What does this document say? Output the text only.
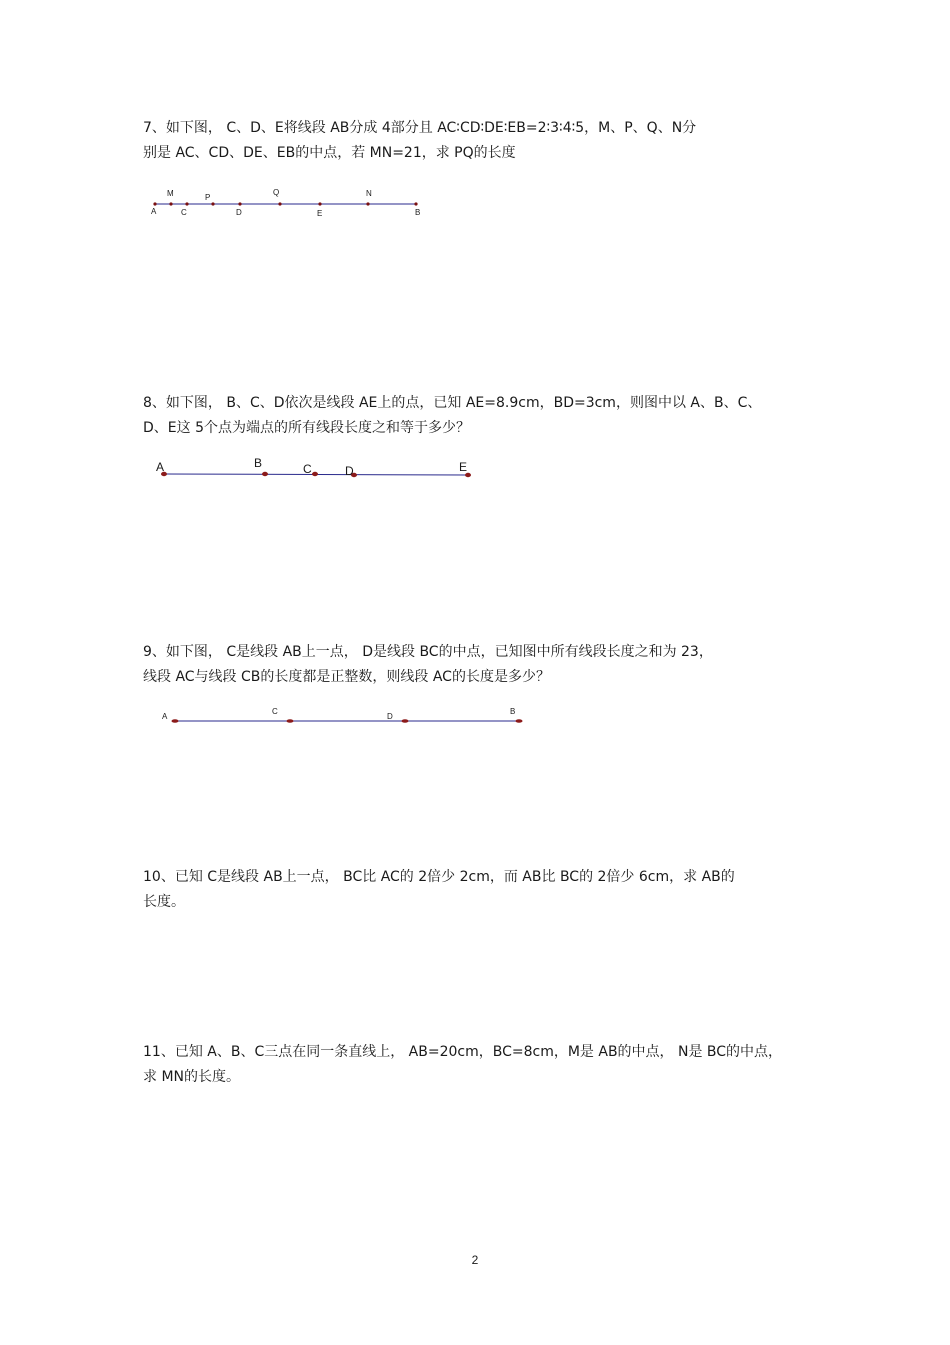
7、如下图， C、D、E将线段 AB分成 4部分且 AC∶CD∶DE∶EB=2∶3∶4∶5，M、P、Q、N分

别是 AC、CD、DE、EB的中点，若 MN=21，求 PQ的长度

A	C	D	E	B
M	P
Q	N

8、如下图， B、C、D依次是线段 AE上的点，已知 AE=8.9cm，BD=3cm，则图中以 A、B、C、

D、E这 5个点为端点的所有线段长度之和等于多少？

A	B	C	D	E

9、如下图， C是线段 AB上一点， D是线段 BC的中点，已知图中所有线段长度之和为 23，

线段 AC与线段 CB的长度都是正整数，则线段 AC的长度是多少？

A
C
D
B

10、已知 C是线段 AB上一点， BC比 AC的 2倍少 2cm，而 AB比 BC的 2倍少 6cm，求 AB的

长度。

11、已知 A、B、C三点在同一条直线上， AB=20cm，BC=8cm，M是 AB的中点， N是 BC的中点，

求 MN的长度。

2
